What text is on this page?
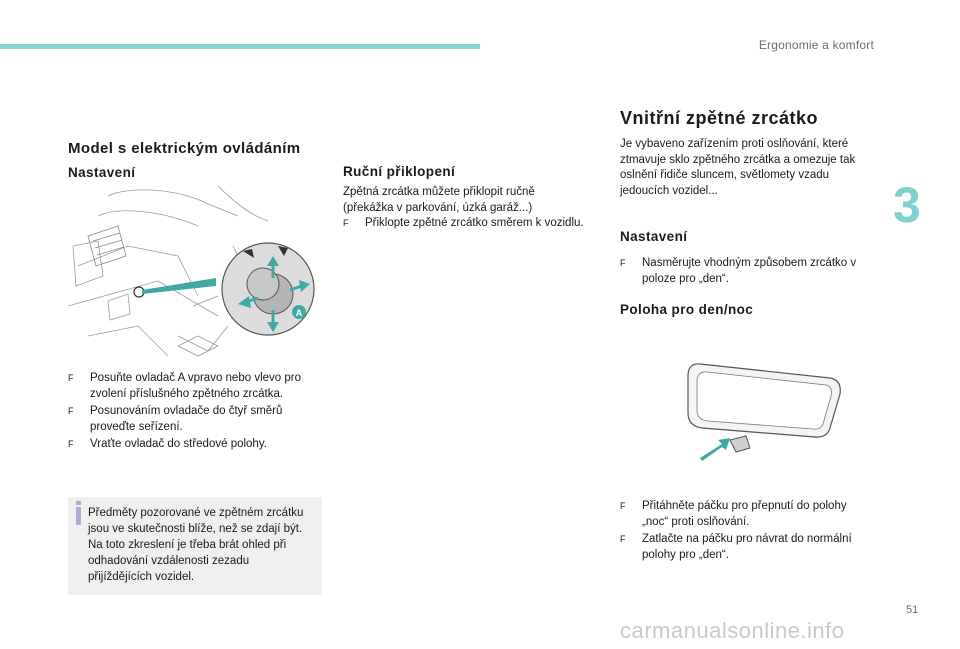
Ergonomie a komfort
3
Model s elektrickým ovládáním
Nastavení
A
F Posuňte ovladač A vpravo nebo vlevo pro zvolení příslušného zpětného zrcátka.
F Posunováním ovladače do čtyř směrů proveďte seřízení.
F Vraťte ovladač do středové polohy.
Předměty pozorované ve zpětném zrcátku jsou ve skutečnosti blíže, než se zdají být. Na toto zkreslení je třeba brát ohled při odhadování vzdálenosti zezadu přijíždějících vozidel.
Ruční přiklopení
Zpětná zrcátka můžete přiklopit ručně (překážka v parkování, úzká garáž...)
F Přiklopte zpětné zrcátko směrem k vozidlu.
Vnitřní zpětné zrcátko
Je vybaveno zařízením proti oslňování, které ztmavuje sklo zpětného zrcátka a omezuje tak oslnění řidiče sluncem, světlomety vzadu jedoucích vozidel...
Nastavení
F Nasměrujte vhodným způsobem zrcátko v poloze pro „den“.
Poloha pro den/noc
F Přitáhněte páčku pro přepnutí do polohy „noc“ proti oslňování.
F Zatlačte na páčku pro návrat do normální polohy pro „den“.
51
carmanualsonline.info
